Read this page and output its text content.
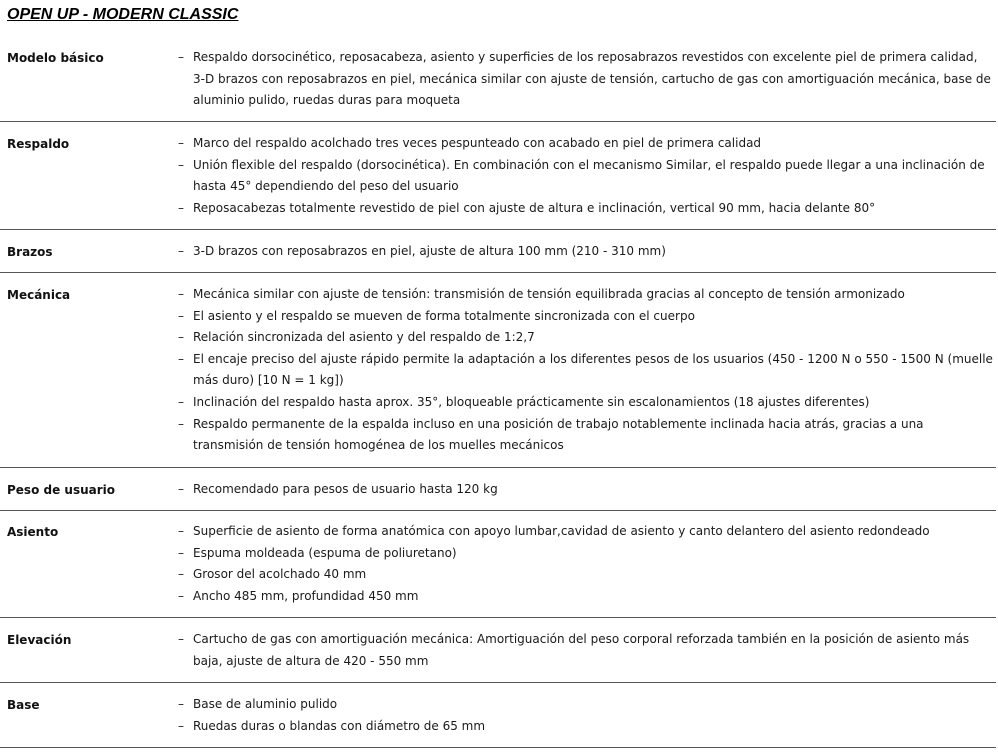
OPEN UP - MODERN CLASSIC
Modelo básico	– Respaldo dorsocinético, reposacabeza, asiento y superficies de los reposabrazos revestidos con excelente piel de primera calidad, 3-D brazos con reposabrazos en piel, mecánica similar con ajuste de tensión, cartucho de gas con amortiguación mecánica, base de aluminio pulido, ruedas duras para moqueta
Respaldo	– Marco del respaldo acolchado tres veces pespunteado con acabado en piel de primera calidad
– Unión flexible del respaldo (dorsocinética). En combinación con el mecanismo Similar, el respaldo puede llegar a una inclinación de hasta 45° dependiendo del peso del usuario
– Reposacabezas totalmente revestido de piel con ajuste de altura e inclinación, vertical 90 mm, hacia delante 80°
Brazos	– 3-D brazos con reposabrazos en piel, ajuste de altura 100 mm (210 - 310 mm)
Mecánica	– Mecánica similar con ajuste de tensión: transmisión de tensión equilibrada gracias al concepto de tensión armonizado
– El asiento y el respaldo se mueven de forma totalmente sincronizada con el cuerpo
– Relación sincronizada del asiento y del respaldo de 1:2,7
– El encaje preciso del ajuste rápido permite la adaptación a los diferentes pesos de los usuarios (450 - 1200 N o 550 - 1500 N (muelle más duro) [10 N = 1 kg])
– Inclinación del respaldo hasta aprox. 35°, bloqueable prácticamente sin escalonamientos (18 ajustes diferentes)
– Respaldo permanente de la espalda incluso en una posición de trabajo notablemente inclinada hacia atrás, gracias a una transmisión de tensión homogénea de los muelles mecánicos
Peso de usuario	– Recomendado para pesos de usuario hasta 120 kg
Asiento	– Superficie de asiento de forma anatómica con apoyo lumbar,cavidad de asiento y canto delantero del asiento redondeado
– Espuma moldeada (espuma de poliuretano)
– Grosor del acolchado 40 mm
– Ancho 485 mm, profundidad 450 mm
Elevación	– Cartucho de gas con amortiguación mecánica: Amortiguación del peso corporal reforzada también en la posición de asiento más baja, ajuste de altura de 420 - 550 mm
Base	– Base de aluminio pulido
– Ruedas duras o blandas con diámetro de 65 mm
